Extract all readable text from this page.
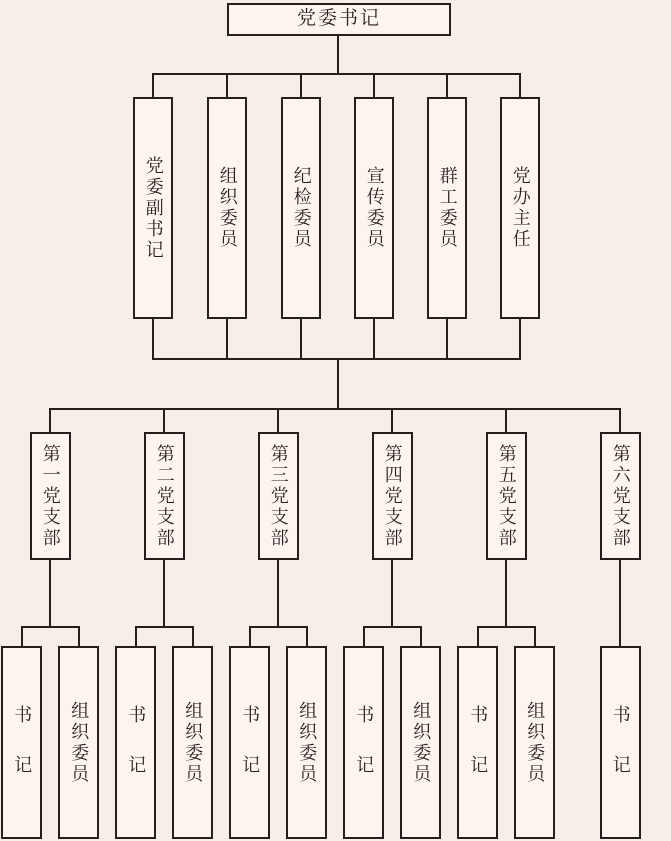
党委书记
党委副书记	组织委员	纪检委员	宣传委员	群工委员	党办主任
第一党支部	第二党支部	第三党支部	第四党支部	第五党支部	第六党支部
书　记	组织委员	书　记	组织委员	书　记	组织委员	书　记	组织委员	书　记	组织委员	书　记
